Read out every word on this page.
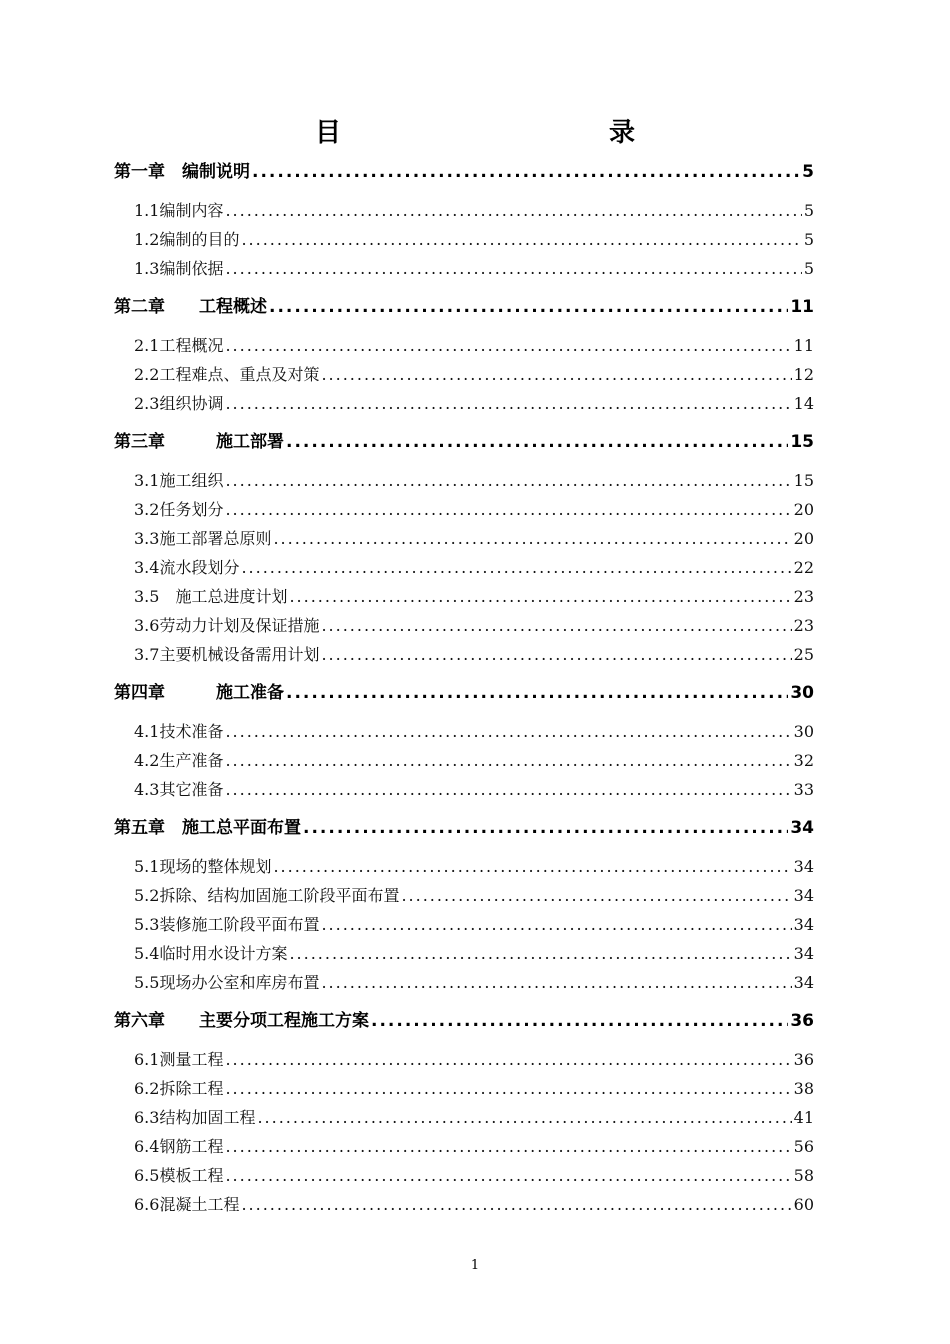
目　　录
第一章　 编制说明 .....	5
1.1编制内容 .....	5
1.2编制的目的 .....	5
1.3编制依据 .....	5
第二章　　 工程概述 .....	11
2.1工程概况 .....	11
2.2工程难点、重点及对策 .....	12
2.3组织协调 .....	14
第三章　　　	施工部署 .....	15
3.1施工组织 .....	15
3.2任务划分 .....	20
3.3施工部署总原则 .....	20
3.4流水段划分 .....	22
3.5　施工总进度计划 .....	23
3.6劳动力计划及保证措施 .....	23
3.7主要机械设备需用计划 .....	25
第四章　　　	施工准备 .....	30
4.1技术准备 .....	30
4.2生产准备 .....	32
4.3其它准备 .....	33
第五章　 施工总平面布置 .....	34
5.1现场的整体规划 .....	34
5.2拆除、结构加固施工阶段平面布置 .....	34
5.3装修施工阶段平面布置 .....	34
5.4临时用水设计方案 .....	34
5.5现场办公室和库房布置 .....	34
第六章　　 主要分项工程施工方案 .....	36
6.1测量工程 .....	36
6.2拆除工程 .....	38
6.3结构加固工程 .....	41
6.4钢筋工程 .....	56
6.5模板工程 .....	58
6.6混凝土工程 .....	60
1
